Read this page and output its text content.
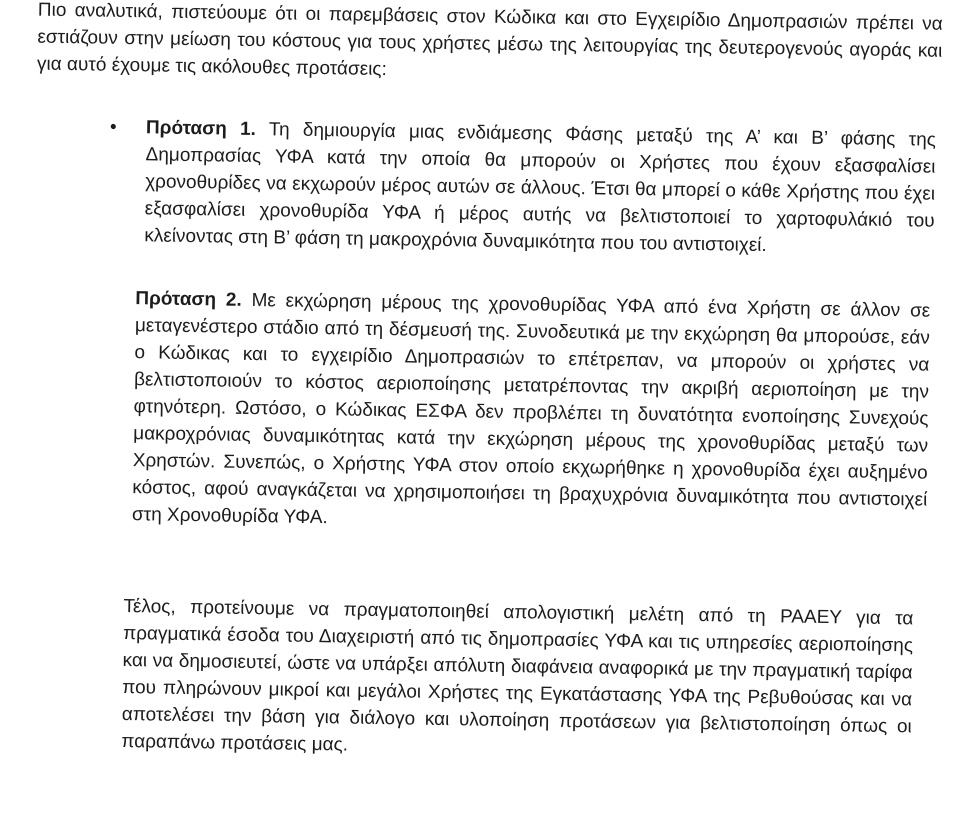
Πιο αναλυτικά, πιστεύουμε ότι οι παρεμβάσεις στον Κώδικα και στο Εγχειρίδιο Δημοπρασιών πρέπει να εστιάζουν στην μείωση του κόστους για τους χρήστες μέσω της λειτουργίας της δευτερογενούς αγοράς και για αυτό έχουμε τις ακόλουθες προτάσεις:

•	Πρόταση 1. Τη δημιουργία μιας ενδιάμεσης Φάσης μεταξύ της Α’ και Β’ φάσης της Δημοπρασίας ΥΦΑ κατά την οποία θα μπορούν οι Χρήστες που έχουν εξασφαλίσει χρονοθυρίδες να εκχωρούν μέρος αυτών σε άλλους. Έτσι θα μπορεί ο κάθε Χρήστης που έχει εξασφαλίσει χρονοθυρίδα ΥΦΑ ή μέρος αυτής να βελτιστοποιεί το χαρτοφυλάκιό του κλείνοντας στη Β’ φάση τη μακροχρόνια δυναμικότητα που του αντιστοιχεί.

Πρόταση 2. Με εκχώρηση μέρους της χρονοθυρίδας ΥΦΑ από ένα Χρήστη σε άλλον σε μεταγενέστερο στάδιο από τη δέσμευσή της. Συνοδευτικά με την εκχώρηση θα μπορούσε, εάν ο Κώδικας και το εγχειρίδιο Δημοπρασιών το επέτρεπαν, να μπορούν οι χρήστες να βελτιστοποιούν το κόστος αεριοποίησης μετατρέποντας την ακριβή αεριοποίηση με την φτηνότερη. Ωστόσο, ο Κώδικας ΕΣΦΑ δεν προβλέπει τη δυνατότητα ενοποίησης Συνεχούς μακροχρόνιας δυναμικότητας κατά την εκχώρηση μέρους της χρονοθυρίδας μεταξύ των Χρηστών. Συνεπώς, ο Χρήστης ΥΦΑ στον οποίο εκχωρήθηκε η χρονοθυρίδα έχει αυξημένο κόστος, αφού αναγκάζεται να χρησιμοποιήσει τη βραχυχρόνια δυναμικότητα που αντιστοιχεί στη Χρονοθυρίδα ΥΦΑ.

Τέλος, προτείνουμε να πραγματοποιηθεί απολογιστική μελέτη από τη ΡΑΑΕΥ για τα πραγματικά έσοδα του Διαχειριστή από τις δημοπρασίες ΥΦΑ και τις υπηρεσίες αεριοποίησης και να δημοσιευτεί, ώστε να υπάρξει απόλυτη διαφάνεια αναφορικά με την πραγματική ταρίφα που πληρώνουν μικροί και μεγάλοι Χρήστες της Εγκατάστασης ΥΦΑ της Ρεβυθούσας και να αποτελέσει την βάση για διάλογο και υλοποίηση προτάσεων για βελτιστοποίηση όπως οι παραπάνω προτάσεις μας.
